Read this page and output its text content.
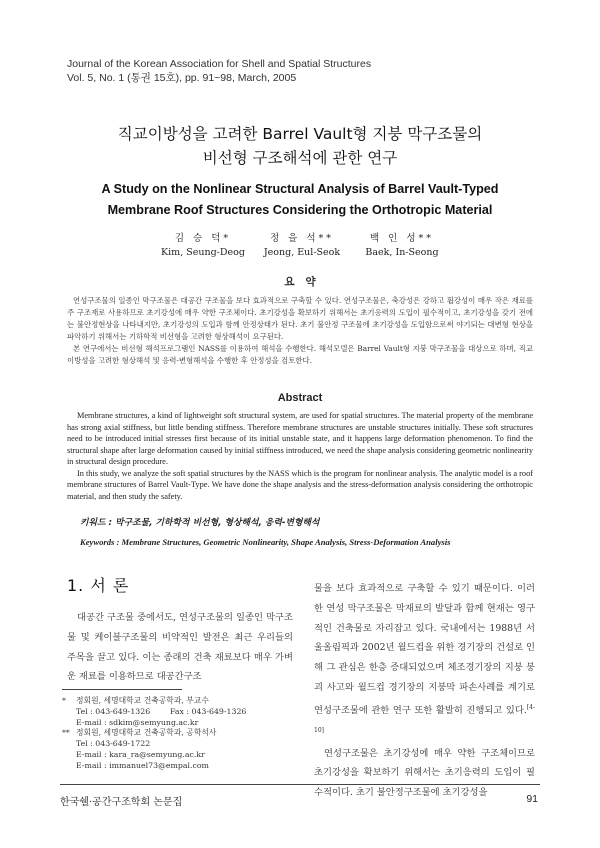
Journal of the Korean Association for Shell and Spatial Structures
Vol. 5, No. 1 (통권 15호), pp. 91~98, March, 2005
직교이방성을 고려한 Barrel Vault형 지붕 막구조물의
비선형 구조해석에 관한 연구
A Study on the Nonlinear Structural Analysis of Barrel Vault-Typed
Membrane Roof Structures Considering the Orthotropic Material
김 승 덕*
Kim, Seung-Deog
정 을 석**
Jeong, Eul-Seok
백 인 성**
Baek, In-Seong
요   약

연성구조물의 일종인 막구조물은 대공간 구조물을 보다 효과적으로 구축할 수 있다. 연성구조물은, 축강성은 강하고 휨강성이 매우 작은 재료를 주 구조재로 사용하므로 초기강성에 매우 약한 구조체이다. 초기강성을 확보하기 위해서는 초기응력의 도입이 필수적이고, 초기강성을 갖기 전에는 불안정현상을 나타내지만, 초기강성의 도입과 함께 안정상태가 된다. 초기 불안정 구조물에 초기강성을 도입함으로써 야기되는 대변형 현상을 파악하기 위해서는 기하학적 비선형을 고려한 형상해석이 요구된다.

본 연구에서는 비선형 해석프로그램인 NASS를 이용하여 해석을 수행한다. 해석모델은 Barrel Vault형 지붕 막구조물을 대상으로 하며, 직교이방성을 고려한 형상해석 및 응력-변형해석을 수행한 후 안정성을 검토한다.

Abstract

Membrane structures, a kind of lightweight soft structural system, are used for spatial structures. The material property of the membrane has strong axial stiffness, but little bending stiffness. Therefore membrane structures are unstable structures initially. These soft structures need to be introduced initial stresses first because of its initial unstable state, and it happens large deformation phenomenon. To find the structural shape after large deformation caused by initial stiffness introduced, we need the shape analysis considering geometric nonlinearity in structural design procedure.

In this study, we analyze the soft spatial structures by the NASS which is the program for nonlinear analysis. The analytic model is a roof membrane structures of Barrel Vault-Type. We have done the shape analysis and the stress-deformation analysis considering the orthotropic material, and then study the safety.

키워드 : 막구조물, 기하학적 비선형, 형상해석, 응력-변형해석
Keywords : Membrane Structures, Geometric Nonlinearity, Shape Analysis, Stress-Deformation Analysis
1. 서 론
대공간 구조물 중에서도, 연성구조물의 일종인 막구조물 및 케이블구조물의 비약적인 발전은 최근 우리들의 주목을 끌고 있다. 이는 종래의 건축 재료보다 매우 가벼운 재료를 이용하므로 대공간구조

물을 보다 효과적으로 구축할 수 있기 때문이다. 이러한 연성 막구조물은 막재료의 발달과 함께 현재는 영구적인 건축물로 자리잡고 있다. 국내에서는 1988년 서울올림픽과 2002년 월드컵을 위한 경기장의 건설로 인해 그 관심은 한층 증대되었으며 체조경기장의 지붕 붕괴 사고와 월드컵 경기장의 지붕막 파손사례를 계기로 연성구조물에 관한 연구 또한 활발히 진행되고 있다.[4-10]

연성구조물은 초기강성에 매우 약한 구조체이므로 초기강성을 확보하기 위해서는 초기응력의 도입이 필수적이다. 초기 불안정구조물에 초기강성을

*	정회원, 세명대학교 건축공학과, 부교수
Tel : 043-649-1326        Fax : 043-649-1326
E-mail : sdkim@semyung.ac.kr
** 정회원, 세명대학교 건축공학과, 공학석사
Tel : 043-649-1722
E-mail : kara_ra@semyung.ac.kr
E-mail : immanuel73@empal.com
한국쉘·공간구조학회 논문집	91
